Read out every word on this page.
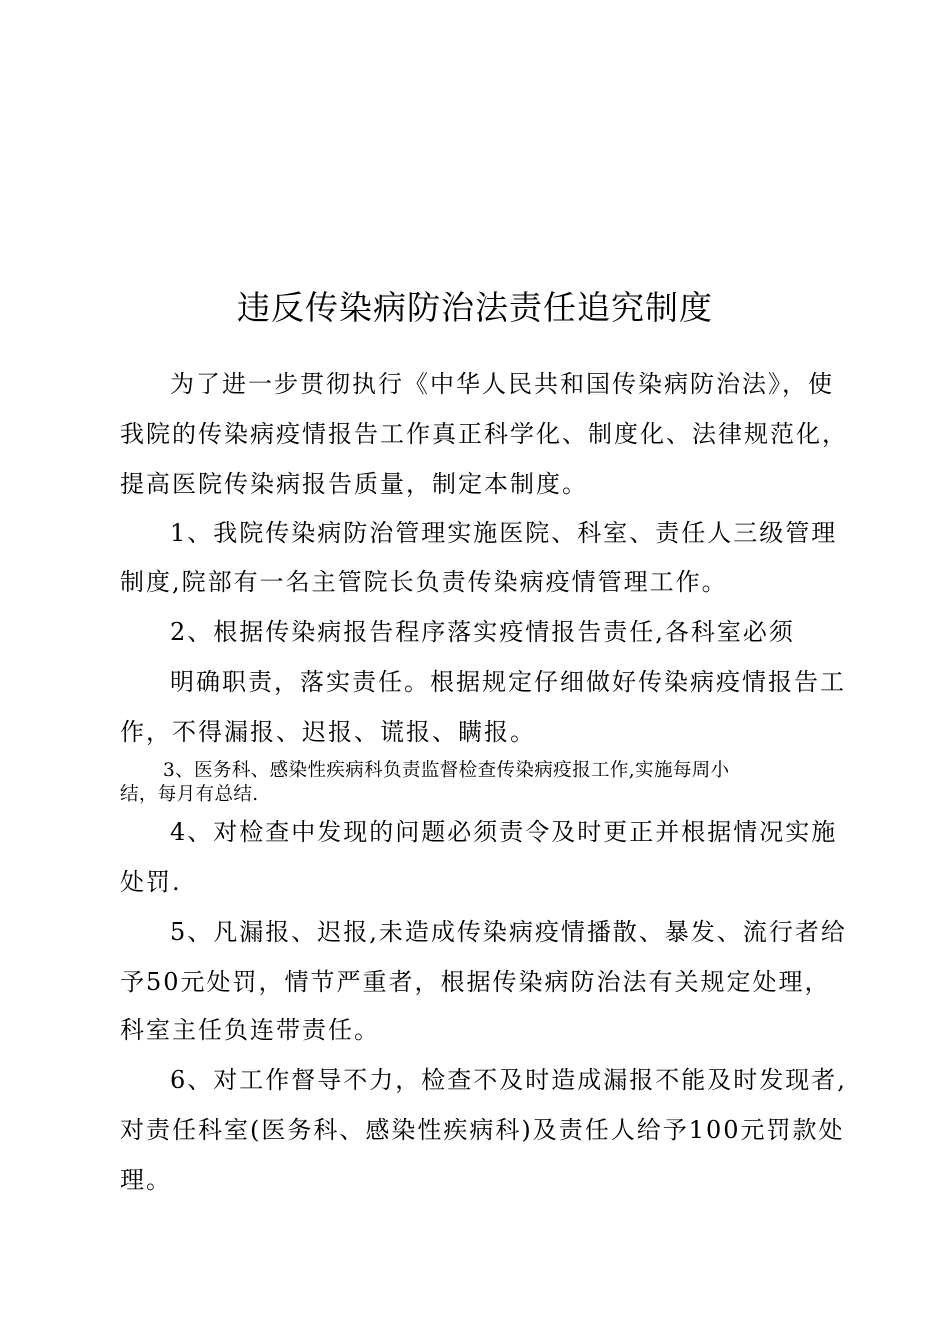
违反传染病防治法责任追究制度
为了进一步贯彻执行《中华人民共和国传染病防治法》，使
我院的传染病疫情报告工作真正科学化、制度化、法律规范化，
提高医院传染病报告质量，制定本制度。
1、我院传染病防治管理实施医院、科室、责任人三级管理
制度,院部有一名主管院长负责传染病疫情管理工作。
2、根据传染病报告程序落实疫情报告责任,各科室必须
明确职责，落实责任。根据规定仔细做好传染病疫情报告工
作，不得漏报、迟报、谎报、瞒报。
3、医务科、感染性疾病科负责监督检查传染病疫报工作,实施每周小
结，每月有总结.
4、对检查中发现的问题必须责令及时更正并根据情况实施
处罚.
5、凡漏报、迟报,未造成传染病疫情播散、暴发、流行者给
予50元处罚，情节严重者，根据传染病防治法有关规定处理，
科室主任负连带责任。
6、对工作督导不力，检查不及时造成漏报不能及时发现者,
对责任科室(医务科、感染性疾病科)及责任人给予100元罚款处
理。
